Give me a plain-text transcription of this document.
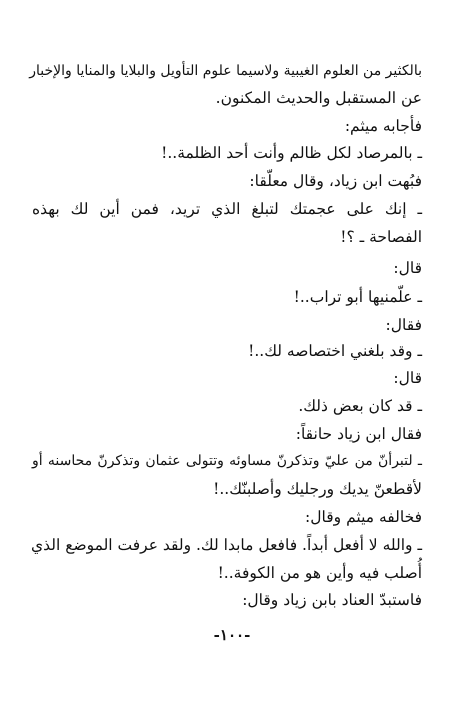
بالكثير من العلوم الغيبية ولاسيما علوم التأويل والبلايا والمنايا والإخبار
عن المستقبل والحديث المكنون.
فأجابه ميثم:
ـ بالمرصاد لكل ظالم وأنت أحد الظلمة..!
فبُهت ابن زياد، وقال معلّقا:
ـ إنك على عجمتك لتبلغ الذي تريد، فمن أين لك بهذه
الفصاحة ـ ؟!
قال:
ـ علّمنيها أبو تراب..!
فقال:
ـ وقد بلغني اختصاصه لك..!
قال:
ـ قد كان بعض ذلك.
فقال ابن زياد حانقاً:
ـ لتبرأنّ من عليّ وتذكرنّ مساوئه وتتولى عثمان وتذكرنّ محاسنه أو
لأقطعنّ يديك ورجليك وأصلبنّك..!
فخالفه ميثم وقال:
ـ والله لا أفعل أبداً. فافعل مابدا لك. ولقد عرفت الموضع الذي
أُصلب فيه وأين هو من الكوفة..!
فاستبدّ العناد بابن زياد وقال:
-١٠٠-
